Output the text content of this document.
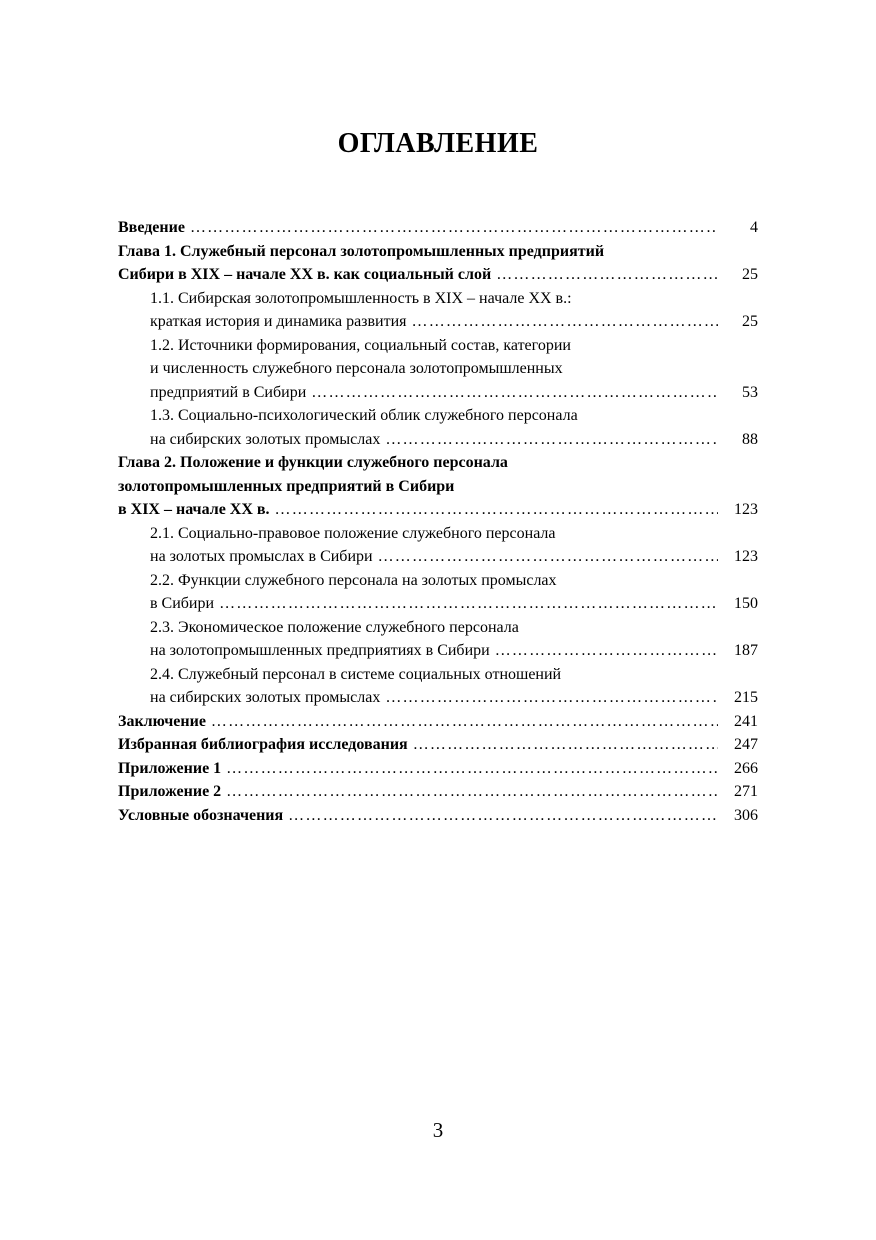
ОГЛАВЛЕНИЕ
Введение …………………………………………………………………………………………………………………………………………………………………………………………………	4
Глава 1. Служебный персонал золотопромышленных предприятий
Сибири в XIX – начале XX в. как социальный слой …………………………………………………………………………………………………………………………………………………………………………………………………	25
1.1. Сибирская золотопромышленность в XIX – начале XX в.:
краткая история и динамика развития …………………………………………………………………………………………………………………………………………………………………………………………………	25
1.2. Источники формирования, социальный состав, категории
и численность служебного персонала золотопромышленных
предприятий в Сибири …………………………………………………………………………………………………………………………………………………………………………………………………	53
1.3. Социально-психологический облик служебного персонала
на сибирских золотых промыслах …………………………………………………………………………………………………………………………………………………………………………………………………	88
Глава 2. Положение и функции служебного персонала
золотопромышленных предприятий в Сибири
в XIX – начале XX в. …………………………………………………………………………………………………………………………………………………………………………………………………	123
2.1. Социально-правовое положение служебного персонала
на золотых промыслах в Сибири …………………………………………………………………………………………………………………………………………………………………………………………………	123
2.2. Функции служебного персонала на золотых промыслах
в Сибири …………………………………………………………………………………………………………………………………………………………………………………………………	150
2.3. Экономическое положение служебного персонала
на золотопромышленных предприятиях в Сибири …………………………………………………………………………………………………………………………………………………………………………………………………	187
2.4. Служебный персонал в системе социальных отношений
на сибирских золотых промыслах …………………………………………………………………………………………………………………………………………………………………………………………………	215
Заключение …………………………………………………………………………………………………………………………………………………………………………………………………	241
Избранная библиография исследования …………………………………………………………………………………………………………………………………………………………………………………………………	247
Приложение 1 …………………………………………………………………………………………………………………………………………………………………………………………………	266
Приложение 2 …………………………………………………………………………………………………………………………………………………………………………………………………	271
Условные обозначения …………………………………………………………………………………………………………………………………………………………………………………………………	306
3
